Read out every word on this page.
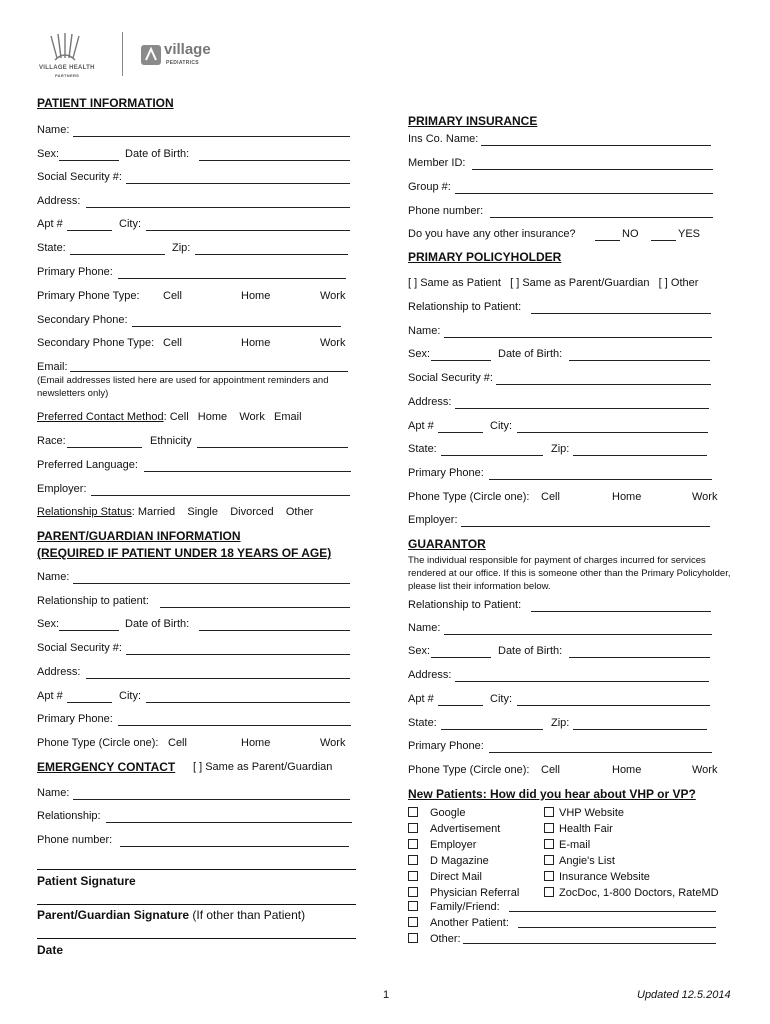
VILLAGE HEALTH
PARTNERS
village
PEDIATRICS
PATIENT INFORMATION
Name:
Sex:	Date of Birth:
Social Security #:
Address:
Apt #	City:
State:	Zip:
Primary Phone:
Primary Phone Type: Cell	Home	Work
Secondary Phone:
Secondary Phone Type: Cell	Home	Work
Email:
(Email addresses listed here are used for appointment reminders and newsletters only)
Preferred Contact Method: Cell   Home    Work   Email
Race:	Ethnicity
Preferred Language:
Employer:
Relationship Status: Married    Single    Divorced    Other
PARENT/GUARDIAN INFORMATION
(REQUIRED IF PATIENT UNDER 18 YEARS OF AGE)
Name:
Relationship to patient:
Sex:	Date of Birth:
Social Security #:
Address:
Apt #	City:
Primary Phone:
Phone Type (Circle one): Cell	Home	Work
EMERGENCY CONTACT [ ] Same as Parent/Guardian
Name:
Relationship:
Phone number:
Patient Signature
Parent/Guardian Signature (If other than Patient)
Date
PRIMARY INSURANCE
Ins Co. Name:
Member ID:
Group #:
Phone number:
Do you have any other insurance?	NO	YES
PRIMARY POLICYHOLDER
[ ] Same as Patient   [ ] Same as Parent/Guardian   [ ] Other
Relationship to Patient:
Name:
Sex:	Date of Birth:
Social Security #:
Address:
Apt #	City:
State:	Zip:
Primary Phone:
Phone Type (Circle one): Cell	Home	Work
Employer:
GUARANTOR
The individual responsible for payment of charges incurred for services rendered at our office. If this is someone other than the Primary Policyholder, please list their information below.
Relationship to Patient:
Name:
Sex:	Date of Birth:
Address:
Apt #	City:
State:	Zip:
Primary Phone:
Phone Type (Circle one): Cell	Home	Work
New Patients: How did you hear about VHP or VP?
Google
Advertisement
Employer
D Magazine
Direct Mail
Physician Referral
VHP Website
Health Fair
E-mail
Angie's List
Insurance Website
ZocDoc, 1-800 Doctors, RateMD
Family/Friend:
Another Patient:
Other:
1	Updated 12.5.2014
